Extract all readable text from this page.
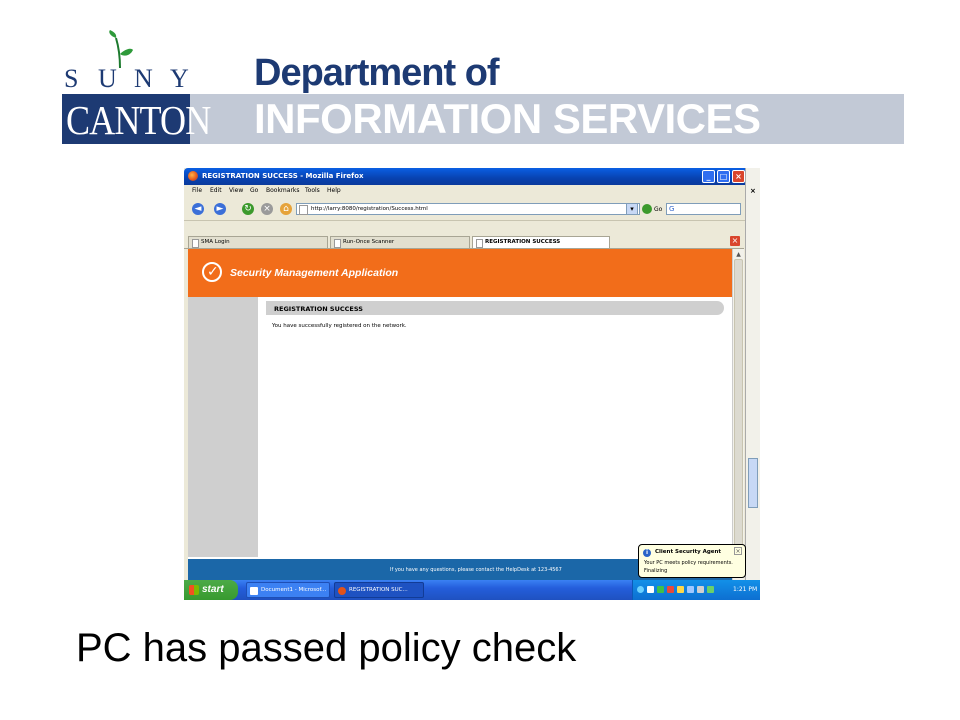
S U N Y
CANTON
Department of
INFORMATION SERVICES
REGISTRATION SUCCESS - Mozilla Firefox	_	□ ×
File Edit View Go Bookmarks Tools Help
◄ ► ↻ ×	⌂	http://larry:8080/registration/Success.html	▾	Go G
SMA Login	Run-Once Scanner	REGISTRATION SUCCESS	×
✓ Security Management Application
REGISTRATION SUCCESS
You have successfully registered on the network.
If you have any questions, please contact the HelpDesk at 123-4567
▲
×
i	Client Security Agent ×
Your PC meets policy requirements.
Finalizing
start	Document1 - Microsof...	REGISTRATION SUC...	1:21 PM
PC has passed policy check
